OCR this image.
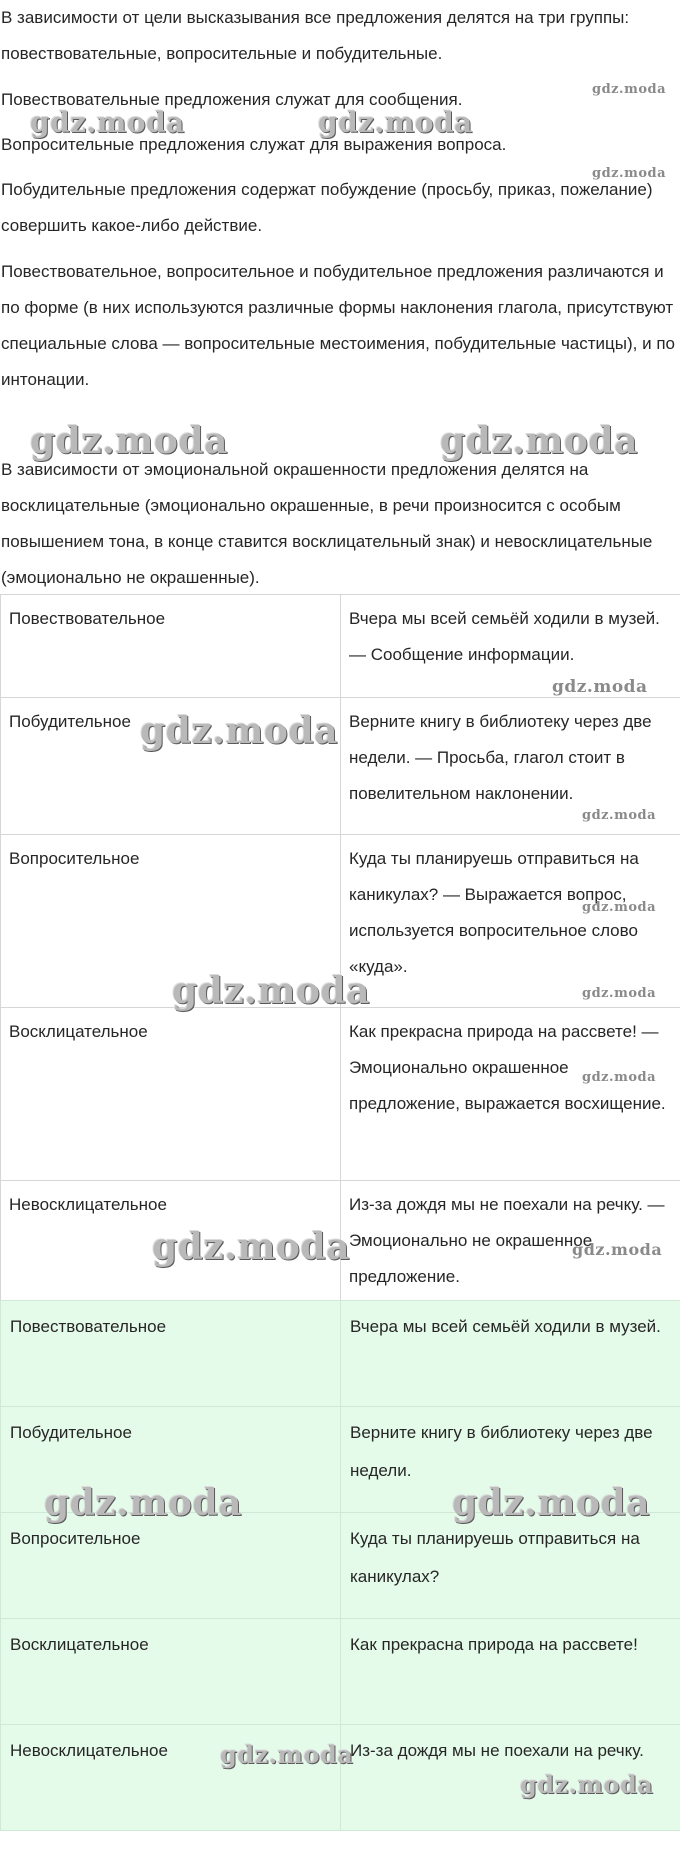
В зависимости от цели высказывания все предложения делятся на три группы: повествовательные, вопросительные и побудительные.

Повествовательные предложения служат для сообщения.

Вопросительные предложения служат для выражения вопроса.

Побудительные предложения содержат побуждение (просьбу, приказ, пожелание) совершить какое-либо действие.

Повествовательное, вопросительное и побудительное предложения различаются и по форме (в них используются различные формы наклонения глагола, присутствуют специальные слова — вопросительные местоимения, побудительные частицы), и по интонации.

В зависимости от эмоциональной окрашенности предложения делятся на восклицательные (эмоционально окрашенные, в речи произносится с особым повышением тона, в конце ставится восклицательный знак) и невосклицательные (эмоционально не окрашенные).

Повествовательное	Вчера мы всей семьёй ходили в музей. — Сообщение информации.
Побудительное	Верните книгу в библиотеку через две недели. — Просьба, глагол стоит в повелительном наклонении.
Вопросительное	Куда ты планируешь отправиться на каникулах? — Выражается вопрос, используется вопросительное слово «куда».
Восклицательное	Как прекрасна природа на рассвете! — Эмоционально окрашенное предложение, выражается восхищение.
Невосклицательное	Из-за дождя мы не поехали на речку. — Эмоционально не окрашенное предложение.
Повествовательное	Вчера мы всей семьёй ходили в музей.
Побудительное	Верните книгу в библиотеку через две недели.
Вопросительное	Куда ты планируешь отправиться на каникулах?
Восклицательное	Как прекрасна природа на рассвете!
Невосклицательное	Из-за дождя мы не поехали на речку.
gdz.moda
gdz.moda	gdz.moda
gdz.moda
gdz.moda	gdz.moda
gdz.moda
gdz.moda
gdz.moda
gdz.moda
gdz.moda
gdz.moda
gdz.moda
gdz.moda	gdz.moda
gdz.moda	gdz.moda
gdz.moda
gdz.moda
